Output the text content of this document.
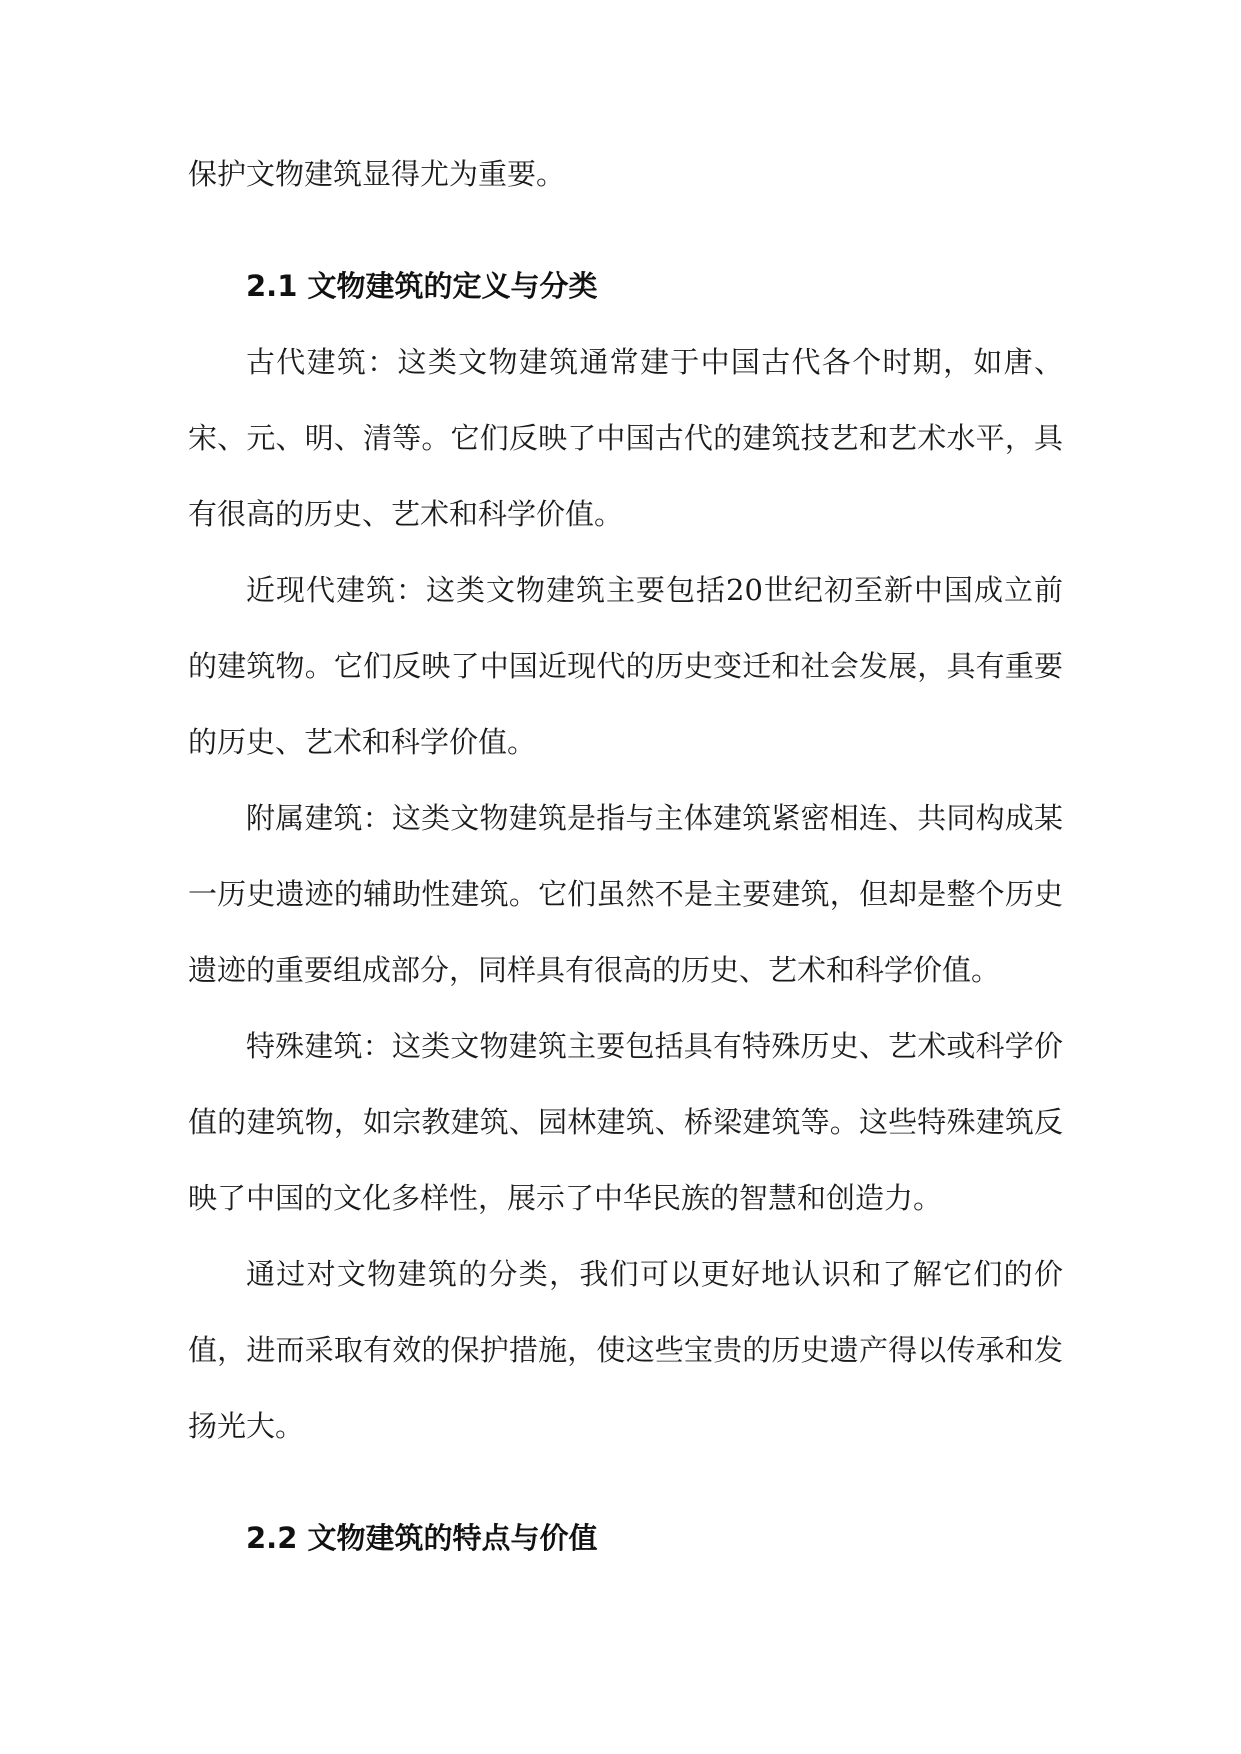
保护文物建筑显得尤为重要。

2.1 文物建筑的定义与分类

古代建筑：这类文物建筑通常建于中国古代各个时期，如唐、宋、元、明、清等。它们反映了中国古代的建筑技艺和艺术水平，具有很高的历史、艺术和科学价值。

近现代建筑：这类文物建筑主要包括20世纪初至新中国成立前的建筑物。它们反映了中国近现代的历史变迁和社会发展，具有重要的历史、艺术和科学价值。

附属建筑：这类文物建筑是指与主体建筑紧密相连、共同构成某一历史遗迹的辅助性建筑。它们虽然不是主要建筑，但却是整个历史遗迹的重要组成部分，同样具有很高的历史、艺术和科学价值。

特殊建筑：这类文物建筑主要包括具有特殊历史、艺术或科学价值的建筑物，如宗教建筑、园林建筑、桥梁建筑等。这些特殊建筑反映了中国的文化多样性，展示了中华民族的智慧和创造力。

通过对文物建筑的分类，我们可以更好地认识和了解它们的价值，进而采取有效的保护措施，使这些宝贵的历史遗产得以传承和发扬光大。

2.2 文物建筑的特点与价值
